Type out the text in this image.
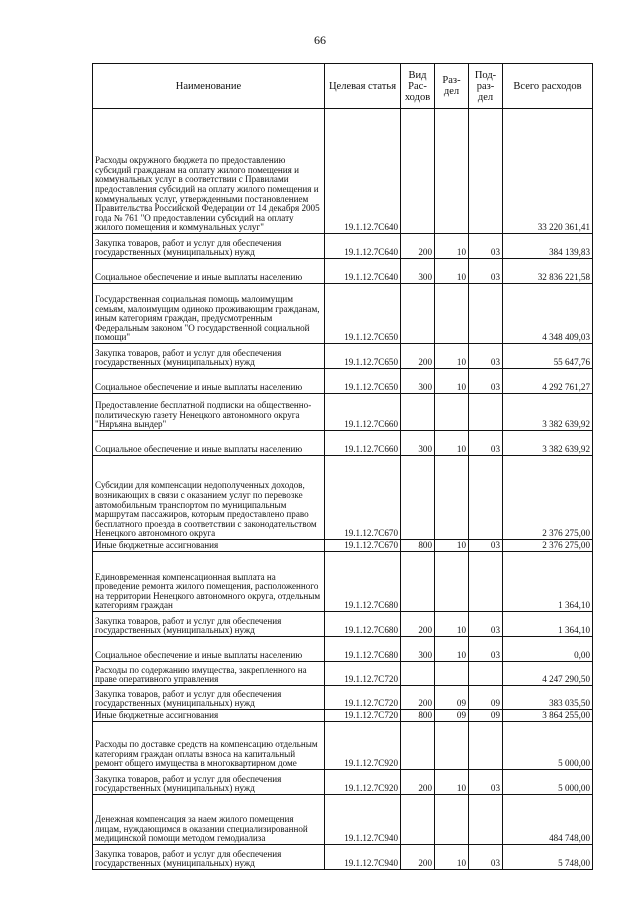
66
Наименование	Целевая статья	Вид Рас-ходов	Раз-дел	Под-раз-дел	Всего расходов
Расходы окружного бюджета по предоставлению субсидий гражданам на оплату жилого помещения и коммунальных услуг в соответствии с Правилами предоставления субсидий на оплату жилого помещения и коммунальных услуг, утвержденными постановлением Правительства Российской Федерации от 14 декабря 2005 года № 761 "О предоставлении субсидий на оплату жилого помещения и коммунальных услуг"	19.1.12.7С640				33 220 361,41
Закупка товаров, работ и услуг для обеспечения государственных (муниципальных) нужд	19.1.12.7С640	200	10	03	384 139,83
Социальное обеспечение и иные выплаты населению	19.1.12.7С640	300	10	03	32 836 221,58
Государственная социальная помощь малоимущим семьям, малоимущим одиноко проживающим гражданам, иным категориям граждан, предусмотренным Федеральным законом "О государственной социальной помощи"	19.1.12.7С650				4 348 409,03
Закупка товаров, работ и услуг для обеспечения государственных (муниципальных) нужд	19.1.12.7С650	200	10	03	55 647,76
Социальное обеспечение и иные выплаты населению	19.1.12.7С650	300	10	03	4 292 761,27
Предоставление бесплатной подписки на общественно-политическую газету Ненецкого автономного округа "Няръяна вындер"	19.1.12.7С660				3 382 639,92
Социальное обеспечение и иные выплаты населению	19.1.12.7С660	300	10	03	3 382 639,92
Субсидии для компенсации недополученных доходов, возникающих в связи с оказанием услуг по перевозке автомобильным транспортом по муниципальным маршрутам пассажиров, которым предоставлено право бесплатного проезда в соответствии с законодательством Ненецкого автономного округа	19.1.12.7С670				2 376 275,00
Иные бюджетные ассигнования	19.1.12.7С670	800	10	03	2 376 275,00
Единовременная компенсационная выплата на проведение ремонта жилого помещения, расположенного на территории Ненецкого автономного округа, отдельным категориям граждан	19.1.12.7С680				1 364,10
Закупка товаров, работ и услуг для обеспечения государственных (муниципальных) нужд	19.1.12.7С680	200	10	03	1 364,10
Социальное обеспечение и иные выплаты населению	19.1.12.7С680	300	10	03	0,00
Расходы по содержанию имущества, закрепленного на праве оперативного управления	19.1.12.7С720				4 247 290,50
Закупка товаров, работ и услуг для обеспечения государственных (муниципальных) нужд	19.1.12.7С720	200	09	09	383 035,50
Иные бюджетные ассигнования	19.1.12.7С720	800	09	09	3 864 255,00
Расходы по доставке средств на компенсацию отдельным категориям граждан оплаты взноса на капитальный ремонт общего имущества в многоквартирном доме	19.1.12.7С920				5 000,00
Закупка товаров, работ и услуг для обеспечения государственных (муниципальных) нужд	19.1.12.7С920	200	10	03	5 000,00
Денежная компенсация за наем жилого помещения лицам, нуждающимся в оказании специализированной медицинской помощи методом гемодиализа	19.1.12.7С940				484 748,00
Закупка товаров, работ и услуг для обеспечения государственных (муниципальных) нужд	19.1.12.7С940	200	10	03	5 748,00
